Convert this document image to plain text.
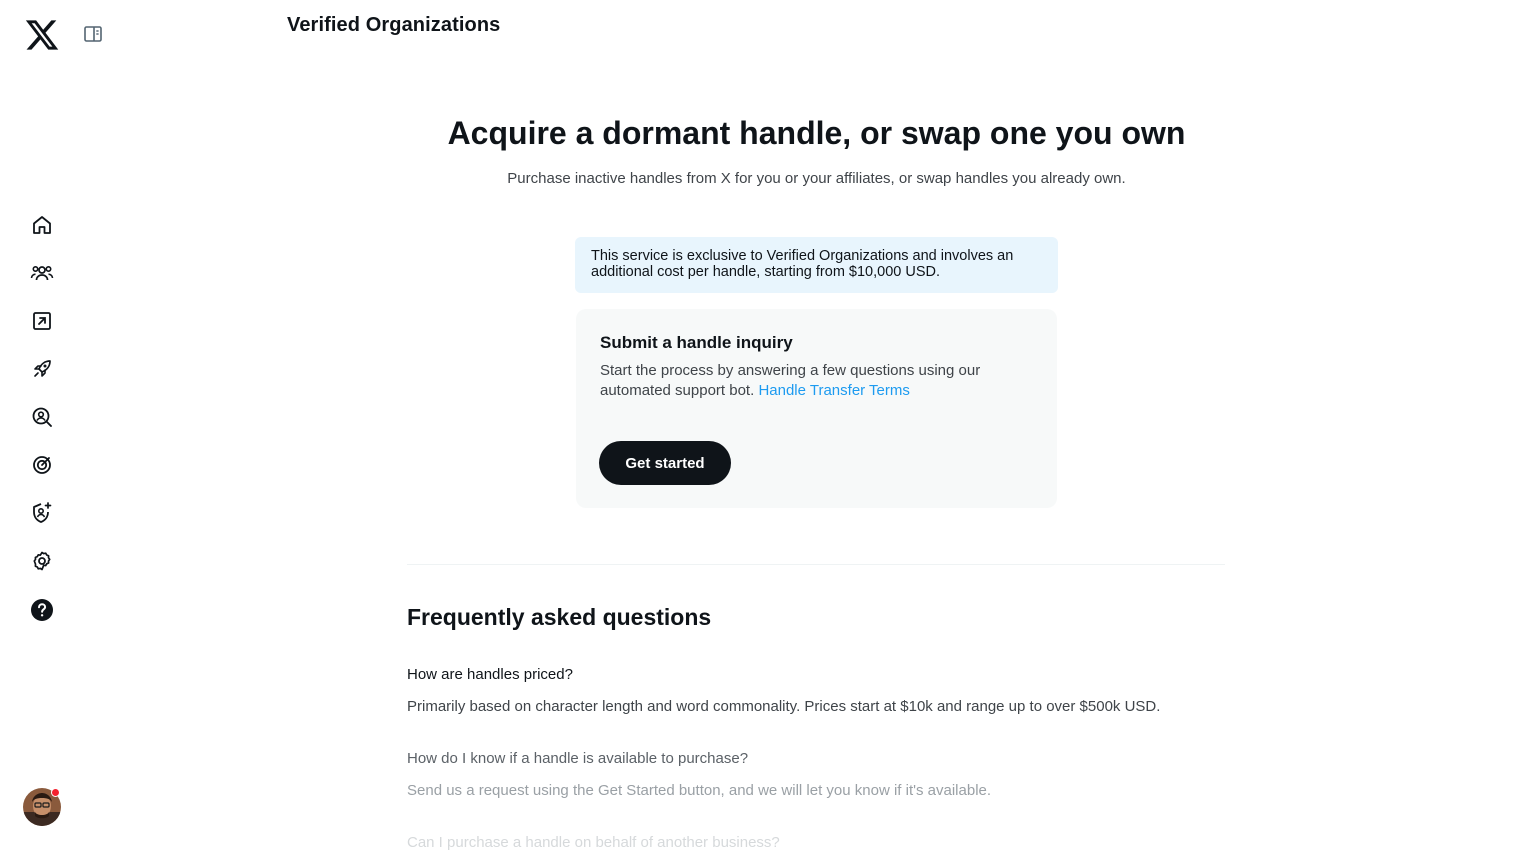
Verified Organizations
Acquire a dormant handle, or swap one you own

Purchase inactive handles from X for you or your affiliates, or swap handles you already own.

This service is exclusive to Verified Organizations and involves an
additional cost per handle, starting from $10,000 USD.
Submit a handle inquiry
Start the process by answering a few questions using our automated support bot. Handle Transfer Terms
Get started
Frequently asked questions
How are handles priced?
Primarily based on character length and word commonality. Prices start at $10k and range up to over $500k USD.
How do I know if a handle is available to purchase?
Send us a request using the Get Started button, and we will let you know if it's available.
Can I purchase a handle on behalf of another business?
